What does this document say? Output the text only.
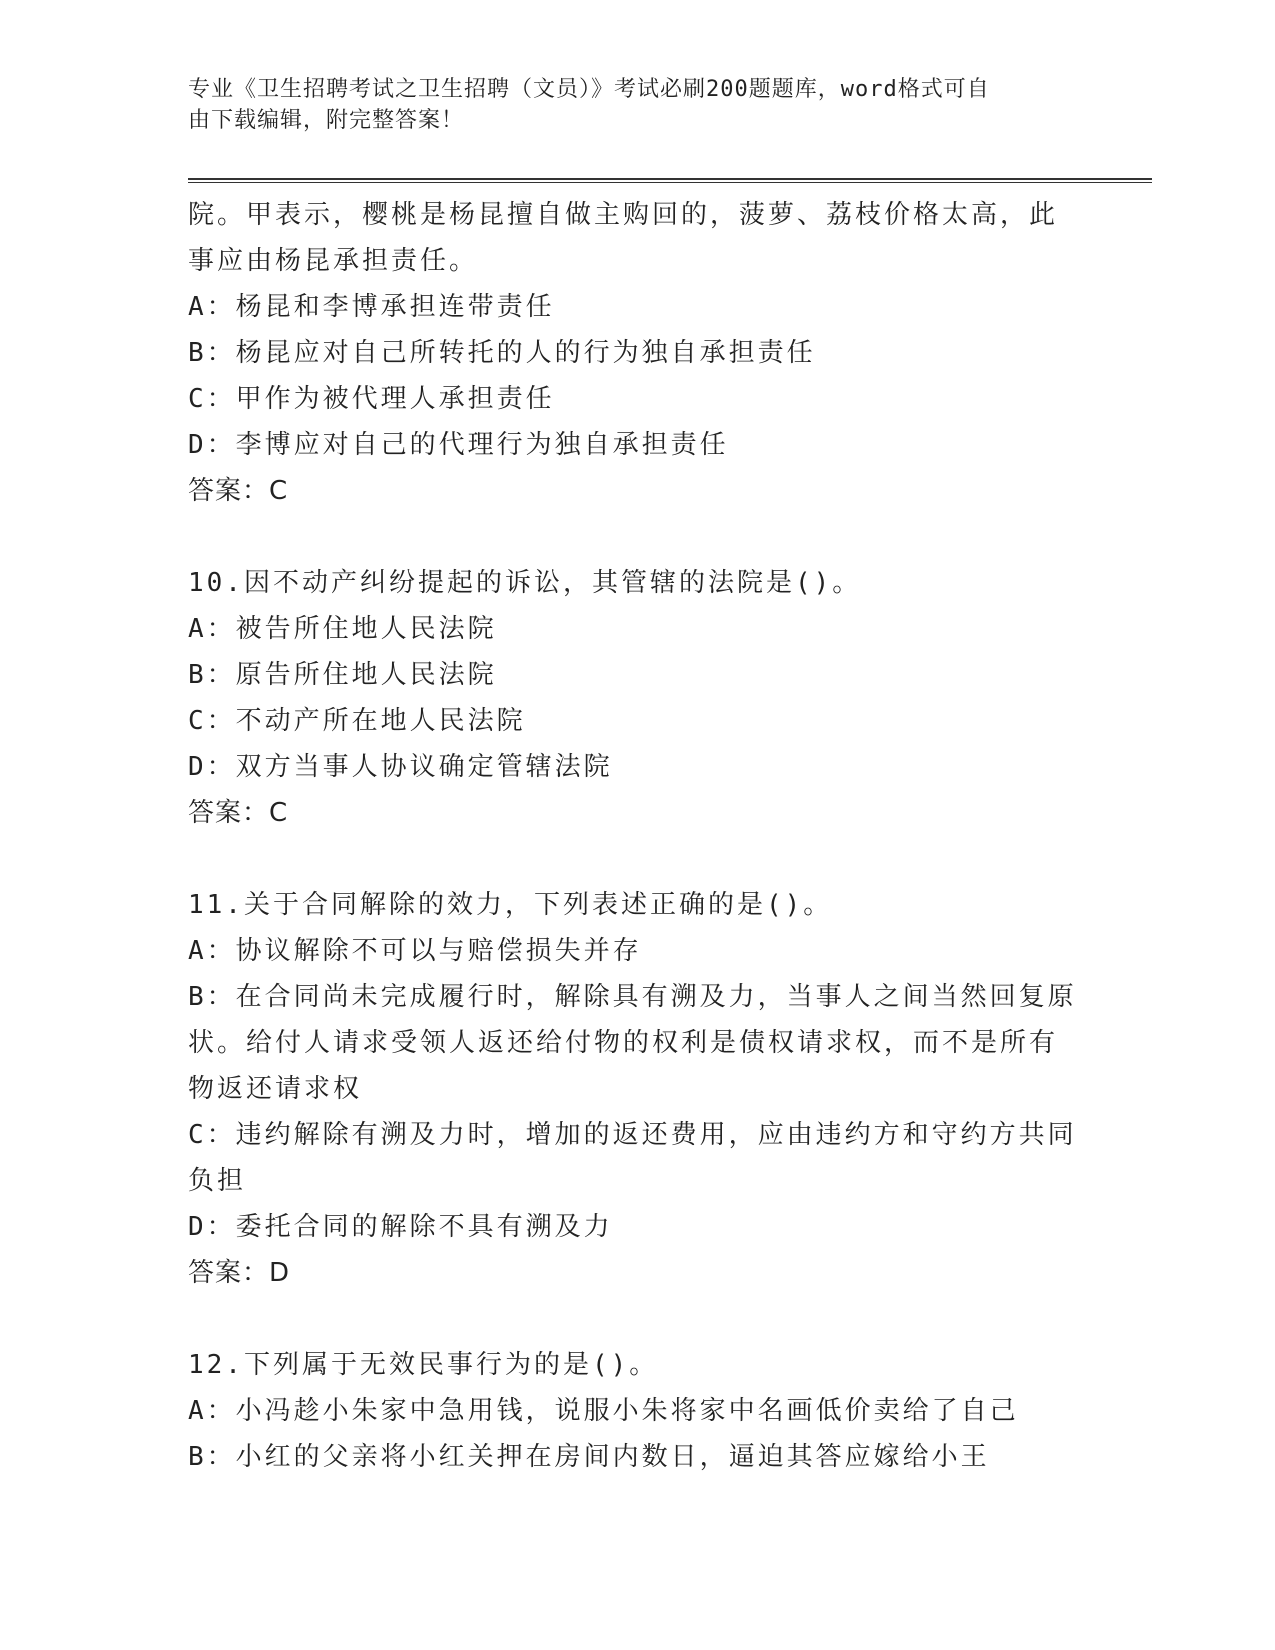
专业《卫生招聘考试之卫生招聘（文员）》考试必刷200题题库，word格式可自
由下载编辑，附完整答案！

院。甲表示，樱桃是杨昆擅自做主购回的，菠萝、荔枝价格太高，此

事应由杨昆承担责任。

A：杨昆和李博承担连带责任

B：杨昆应对自己所转托的人的行为独自承担责任

C：甲作为被代理人承担责任

D：李博应对自己的代理行为独自承担责任

答案：C

10.因不动产纠纷提起的诉讼，其管辖的法院是()。

A：被告所住地人民法院

B：原告所住地人民法院

C：不动产所在地人民法院

D：双方当事人协议确定管辖法院

答案：C

11.关于合同解除的效力，下列表述正确的是()。

A：协议解除不可以与赔偿损失并存

B：在合同尚未完成履行时，解除具有溯及力，当事人之间当然回复原

状。给付人请求受领人返还给付物的权利是债权请求权，而不是所有

物返还请求权

C：违约解除有溯及力时，增加的返还费用，应由违约方和守约方共同

负担

D：委托合同的解除不具有溯及力

答案：D

12.下列属于无效民事行为的是()。

A：小冯趁小朱家中急用钱，说服小朱将家中名画低价卖给了自己

B：小红的父亲将小红关押在房间内数日，逼迫其答应嫁给小王
